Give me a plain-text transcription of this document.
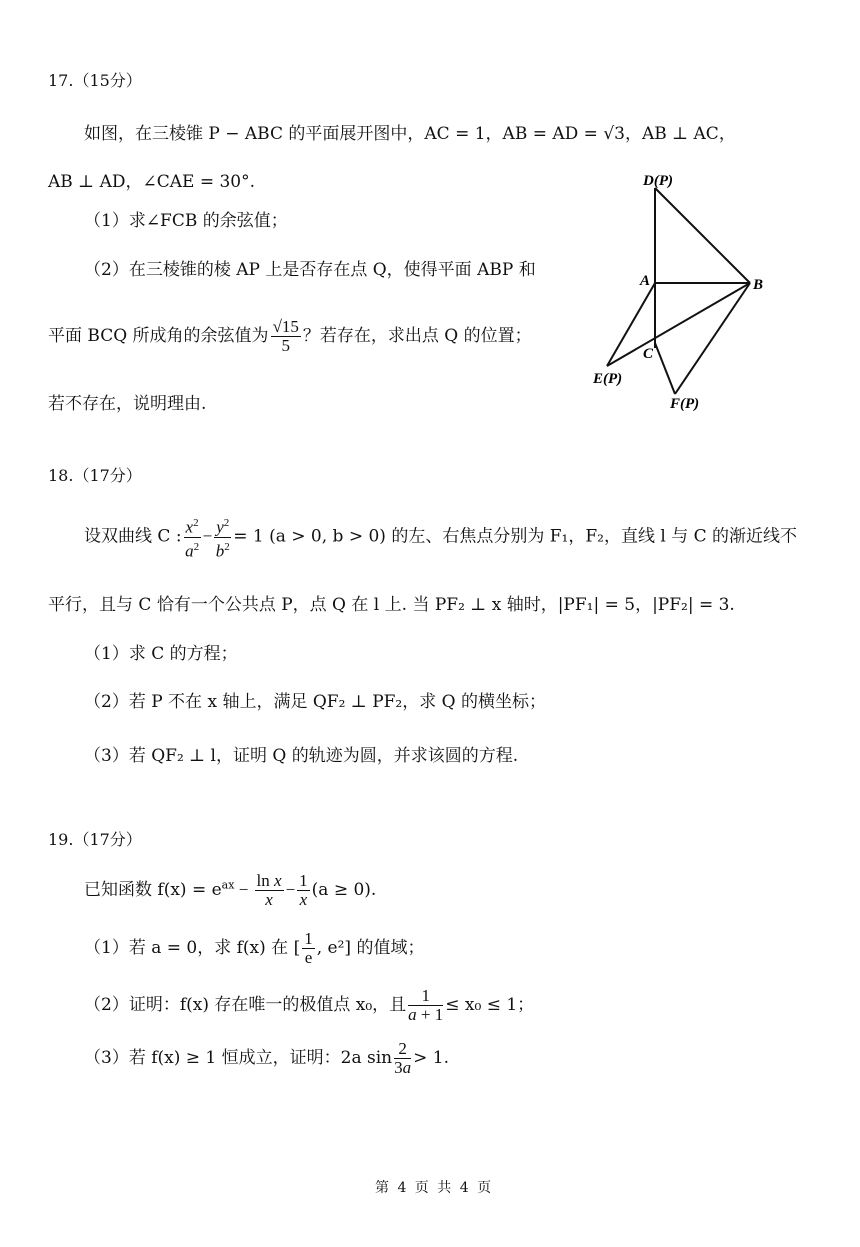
17.（15分）
如图，在三棱锥 P − ABC 的平面展开图中，AC = 1，AB = AD = √3，AB ⊥ AC，
AB ⊥ AD，∠CAE = 30°.
（1）求∠FCB 的余弦值；
（2）在三棱锥的棱 AP 上是否存在点 Q，使得平面 ABP 和
平面 BCQ 所成角的余弦值为 $\frac{√15}{5}$ ？若存在，求出点 Q 的位置；
若不存在，说明理由.
D(P)
A	B
C
E(P)
F(P)
18.（17分）
设双曲线 C : $\frac{x^2}{a^2} - \frac{y^2}{b^2} = 1$ (a > 0, b > 0) 的左、右焦点分别为 F₁，F₂，直线 l 与 C 的渐近线不
平行，且与 C 恰有一个公共点 P，点 Q 在 l 上. 当 PF₂ ⊥ x 轴时，|PF₁| = 5，|PF₂| = 3.
（1）求 C 的方程；
（2）若 P 不在 x 轴上，满足 QF₂ ⊥ PF₂，求 Q 的横坐标；
（3）若 QF₂ ⊥ l，证明 Q 的轨迹为圆，并求该圆的方程.
19.（17分）
已知函数 $f(x) = e^{ax} - \frac{\text{ln x}}{x} - \frac{1}{x} (a \ge 0)$.
（1）若 a = 0，求 f(x) 在 [ $\frac{1}{e}$ , e²] 的值域；
（2）证明：f(x) 存在唯一的极值点 x₀，且 $\frac{1}{a + 1} \le x_0 \le 1$；
（3）若 f(x) ≥ 1 恒成立，证明：2a $\sin \frac{2}{3a} > 1$.
第 4 页 共 4 页
